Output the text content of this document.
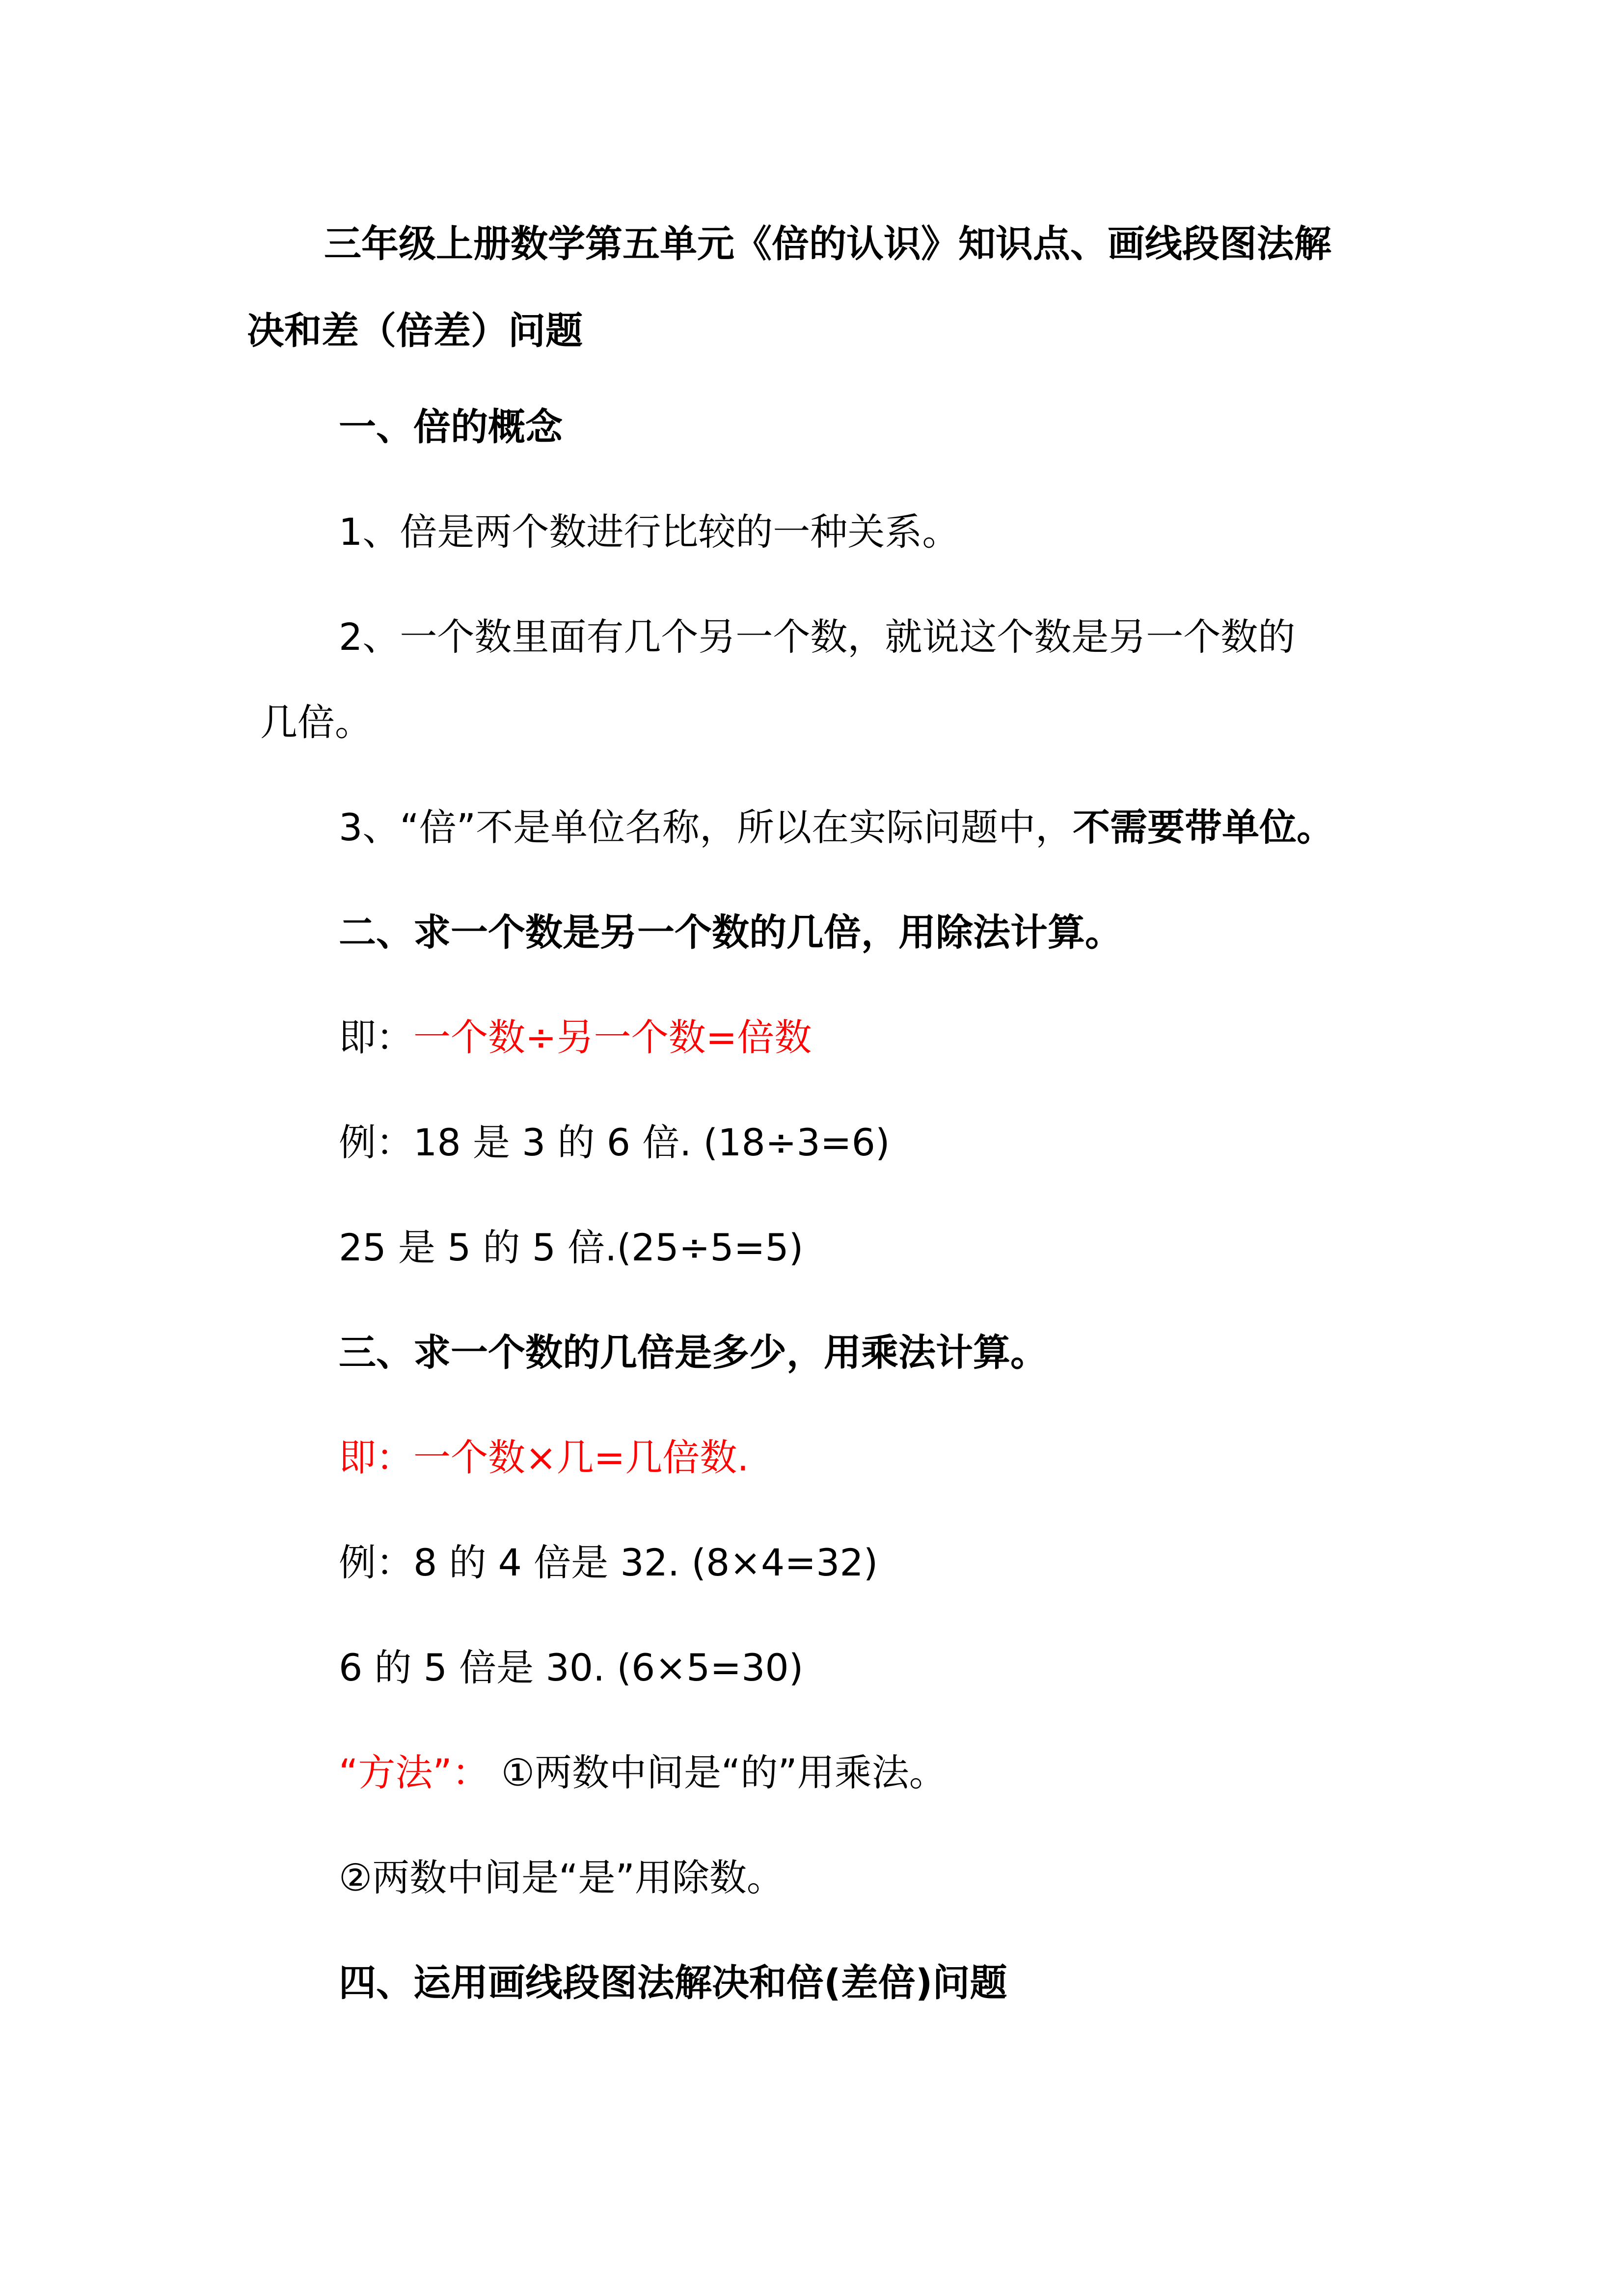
三年级上册数学第五单元《倍的认识》知识点、画线段图法解

决和差（倍差）问题

一、倍的概念

1、倍是两个数进行比较的一种关系。

2、一个数里面有几个另一个数，就说这个数是另一个数的

几倍。

3、“倍”不是单位名称，所以在实际问题中，不需要带单位。

二、求一个数是另一个数的几倍，用除法计算。

即：一个数÷另一个数=倍数

例：18 是 3 的 6 倍. (18÷3=6)

25 是 5 的 5 倍.(25÷5=5)

三、求一个数的几倍是多少，用乘法计算。

即：一个数×几=几倍数.

例：8 的 4 倍是 32. (8×4=32)

6 的 5 倍是 30. (6×5=30)

“方法”： ①两数中间是“的”用乘法。

②两数中间是“是”用除数。

四、运用画线段图法解决和倍(差倍)问题
